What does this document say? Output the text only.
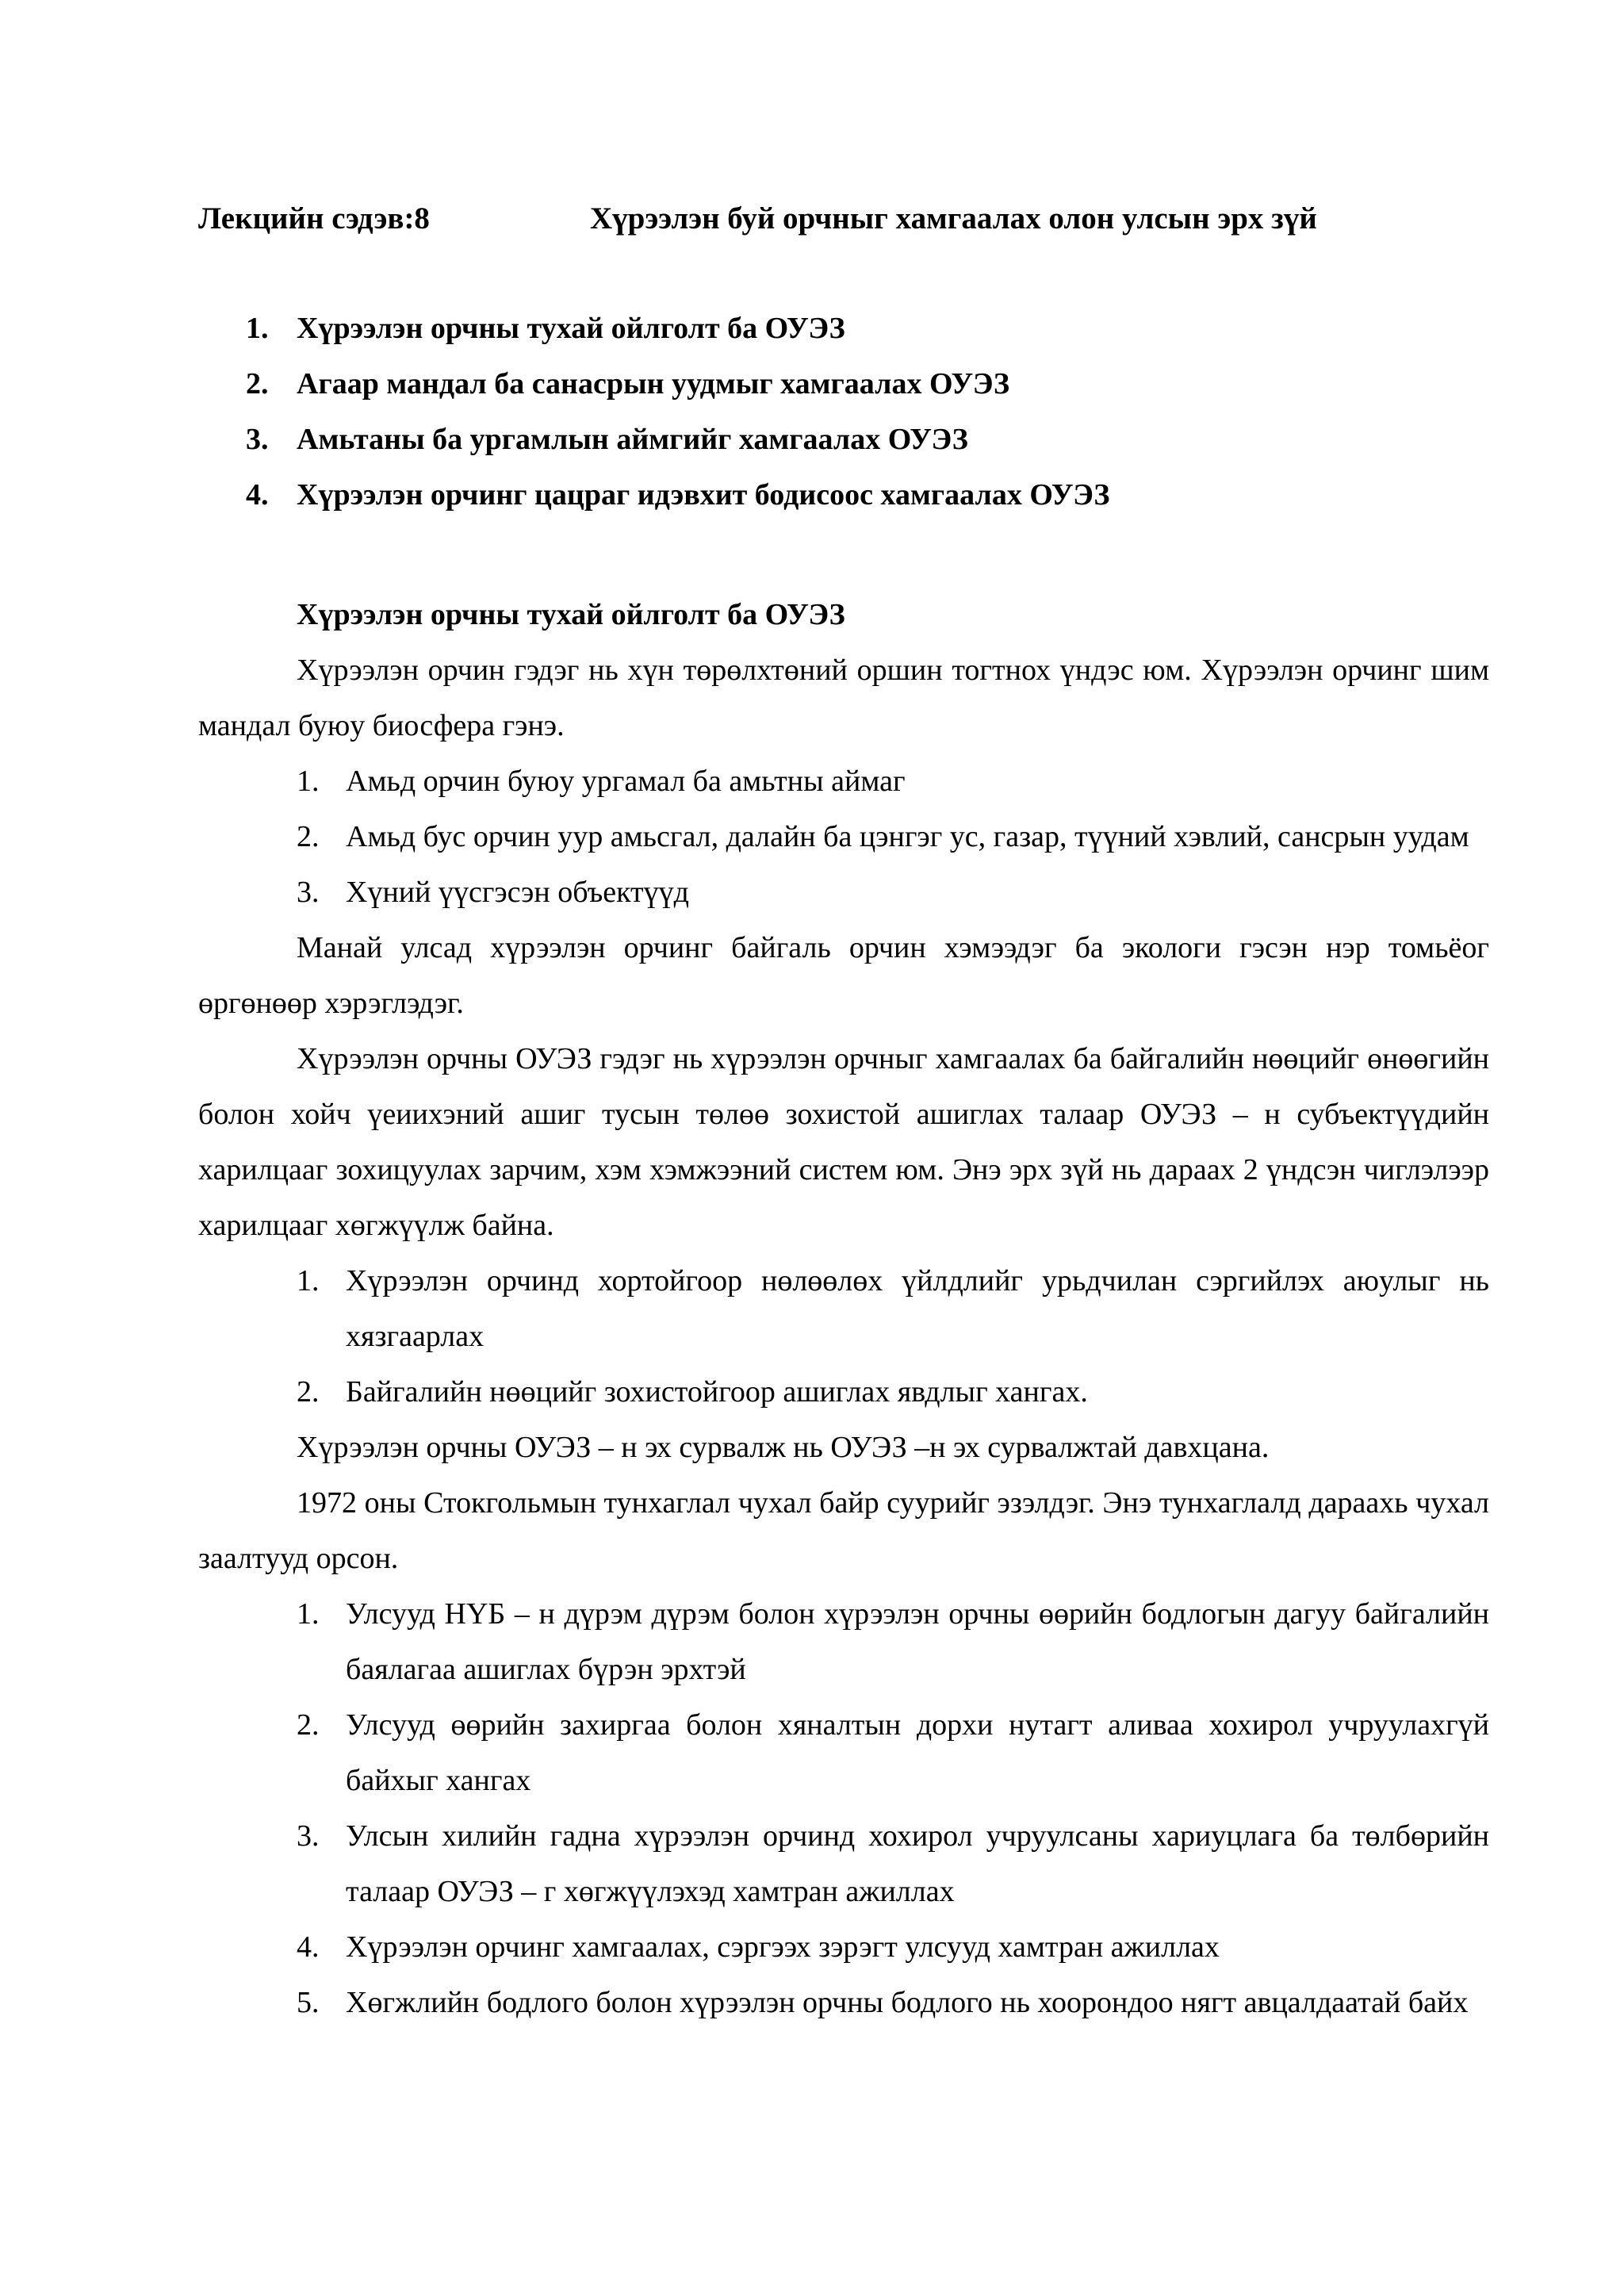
Лекцийн сэдэв:8	Хүрээлэн буй орчныг хамгаалах олон улсын эрх зүй
1. Хүрээлэн орчны тухай ойлголт ба ОУЭЗ
2. Агаар мандал ба санасрын уудмыг хамгаалах ОУЭЗ
3. Амьтаны ба ургамлын аймгийг хамгаалах ОУЭЗ
4. Хүрээлэн орчинг цацраг идэвхит бодисоос хамгаалах ОУЭЗ

Хүрээлэн орчны тухай ойлголт ба ОУЭЗ

Хүрээлэн орчин гэдэг нь хүн төрөлхтөний оршин тогтнох үндэс юм. Хүрээлэн орчинг шим мандал буюу биосфера гэнэ.

1. Амьд орчин буюу ургамал ба амьтны аймаг
2. Амьд бус орчин уур амьсгал, далайн ба цэнгэг ус, газар, түүний хэвлий, сансрын уудам
3. Хүний үүсгэсэн объектүүд

Манай улсад хүрээлэн орчинг байгаль орчин хэмээдэг ба экологи гэсэн нэр томьёог өргөнөөр хэрэглэдэг.

Хүрээлэн орчны ОУЭЗ гэдэг нь хүрээлэн орчныг хамгаалах ба байгалийн нөөцийг өнөөгийн болон хойч үеиихэний ашиг тусын төлөө зохистой ашиглах талаар ОУЭЗ – н субъектүүдийн харилцааг зохицуулах зарчим, хэм хэмжээний систем юм. Энэ эрх зүй нь дараах 2 үндсэн чиглэлээр харилцааг хөгжүүлж байна.

1. Хүрээлэн орчинд хортойгоор нөлөөлөх үйлдлийг урьдчилан сэргийлэх аюулыг нь хязгаарлах
2. Байгалийн нөөцийг зохистойгоор ашиглах явдлыг хангах.

Хүрээлэн орчны ОУЭЗ – н эх сурвалж нь ОУЭЗ –н эх сурвалжтай давхцана.

1972 оны Стокгольмын тунхаглал чухал байр суурийг эзэлдэг. Энэ тунхаглалд дараахь чухал заалтууд орсон.

1. Улсууд НҮБ – н дүрэм дүрэм болон хүрээлэн орчны өөрийн бодлогын дагуу байгалийн баялагаа ашиглах бүрэн эрхтэй
2. Улсууд өөрийн захиргаа болон хяналтын дорхи нутагт аливаа хохирол учруулахгүй байхыг хангах
3. Улсын хилийн гадна хүрээлэн орчинд хохирол учруулсаны хариуцлага ба төлбөрийн талаар ОУЭЗ – г хөгжүүлэхэд хамтран ажиллах
4. Хүрээлэн орчинг хамгаалах, сэргээх зэрэгт улсууд хамтран ажиллах
5. Хөгжлийн бодлого болон хүрээлэн орчны бодлого нь хоорондоо нягт авцалдаатай байх
